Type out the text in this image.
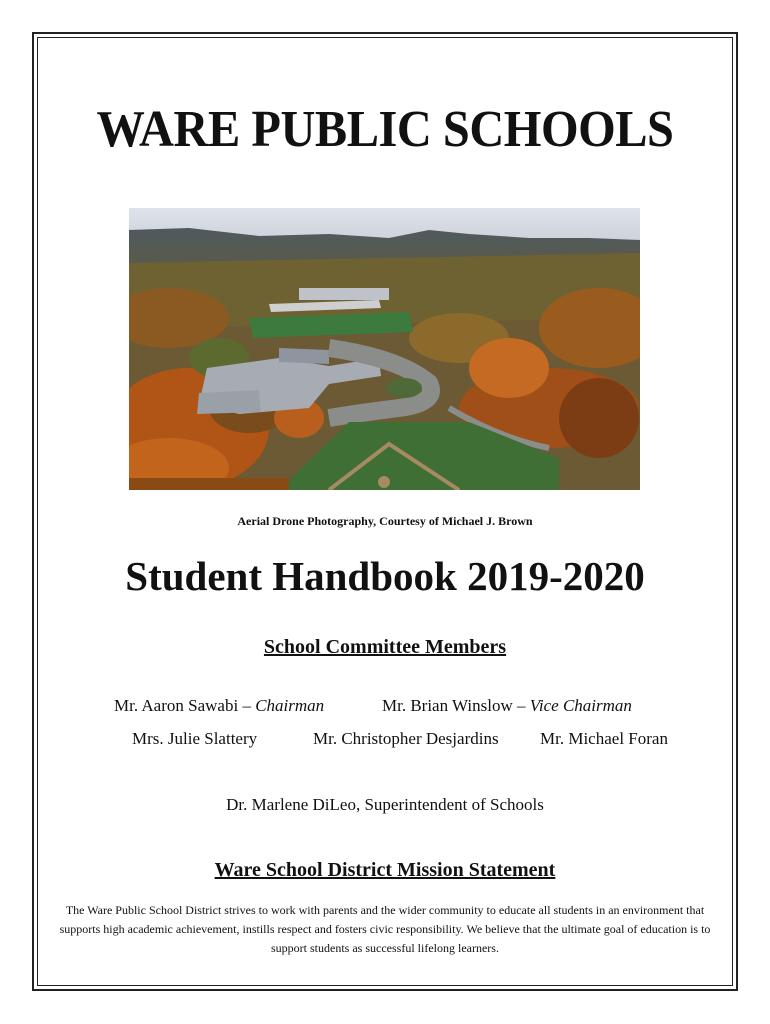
WARE PUBLIC SCHOOLS
Aerial Drone Photography, Courtesy of Michael J. Brown
Student Handbook 2019-2020
School Committee Members
Mr. Aaron Sawabi – Chairman	Mr. Brian Winslow – Vice Chairman
Mrs. Julie Slattery	Mr. Christopher Desjardins Mr. Michael Foran
Dr. Marlene DiLeo, Superintendent of Schools
Ware School District Mission Statement
The Ware Public School District strives to work with parents and the wider community to educate all students in an environment that supports high academic achievement, instills respect and fosters civic responsibility. We believe that the ultimate goal of education is to support students as successful lifelong learners.
